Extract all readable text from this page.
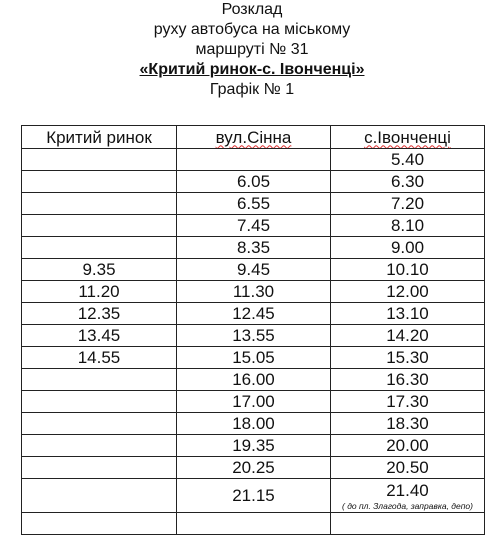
Розклад
руху автобуса на міському
маршруті № 31
«Критий ринок-с. Івонченці»
Графік № 1
Критий ринок	вул.Сінна	с.Івонченці
		5.40
	6.05	6.30
	6.55	7.20
	7.45	8.10
	8.35	9.00
9.35	9.45	10.10
11.20	11.30	12.00
12.35	12.45	13.10
13.45	13.55	14.20
14.55	15.05	15.30
	16.00	16.30
	17.00	17.30
	18.00	18.30
	19.35	20.00
	20.25	20.50
	21.15	21.40
( до пл. Злагода, заправка, депо)
